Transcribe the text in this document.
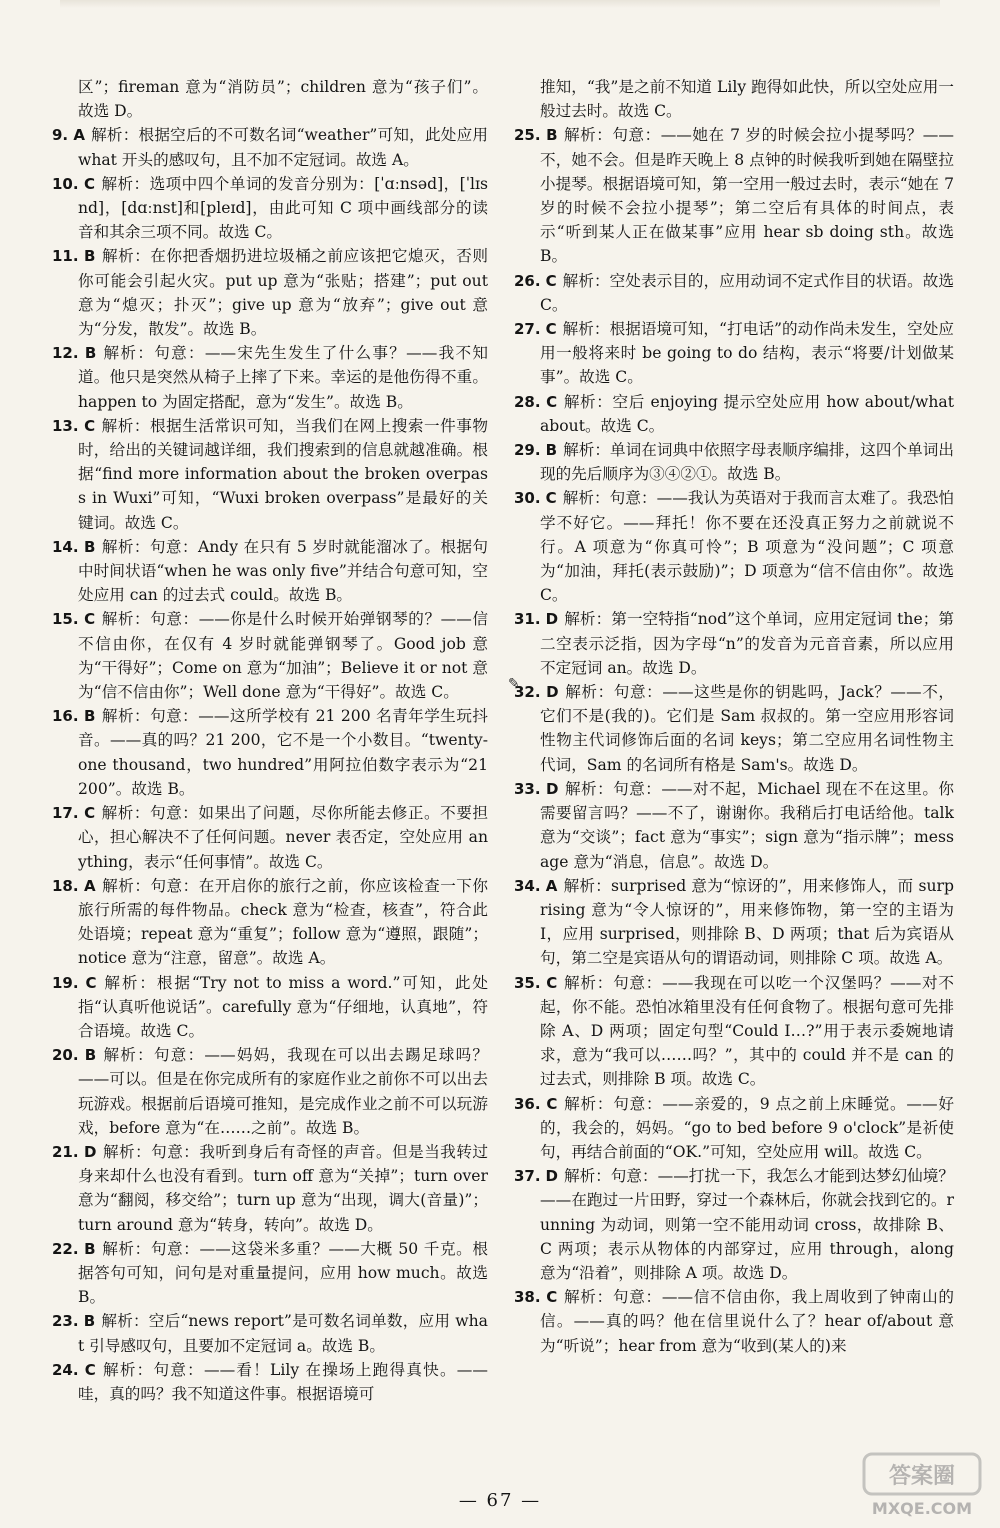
区”；fireman 意为“消防员”；children 意为“孩子们”。故选 D。

9. A 解析：根据空后的不可数名词“weather”可知，此处应用 what 开头的感叹句，且不加不定冠词。故选 A。

10. C 解析：选项中四个单词的发音分别为：[ˈɑːnsəd]，[ˈlɪsnd]，[dɑːnst]和[pleɪd]，由此可知 C 项中画线部分的读音和其余三项不同。故选 C。

11. B 解析：在你把香烟扔进垃圾桶之前应该把它熄灭，否则你可能会引起火灾。put up 意为“张贴；搭建”；put out 意为“熄灭；扑灭”；give up 意为“放弃”；give out 意为“分发，散发”。故选 B。

12. B 解析：句意：——宋先生发生了什么事？——我不知道。他只是突然从椅子上摔了下来。幸运的是他伤得不重。happen to 为固定搭配，意为“发生”。故选 B。

13. C 解析：根据生活常识可知，当我们在网上搜索一件事物时，给出的关键词越详细，我们搜索到的信息就越准确。根据“find more information about the broken overpass in Wuxi”可知，“Wuxi broken overpass”是最好的关键词。故选 C。

14. B 解析：句意：Andy 在只有 5 岁时就能溜冰了。根据句中时间状语“when he was only five”并结合句意可知，空处应用 can 的过去式 could。故选 B。

15. C 解析：句意：——你是什么时候开始弹钢琴的？——信不信由你，在仅有 4 岁时就能弹钢琴了。Good job 意为“干得好”；Come on 意为“加油”；Believe it or not 意为“信不信由你”；Well done 意为“干得好”。故选 C。

16. B 解析：句意：——这所学校有 21 200 名青年学生玩抖音。——真的吗？21 200，它不是一个小数目。“twenty-one thousand，two hundred”用阿拉伯数字表示为“21 200”。故选 B。

17. C 解析：句意：如果出了问题，尽你所能去修正。不要担心，担心解决不了任何问题。never 表否定，空处应用 anything，表示“任何事情”。故选 C。

18. A 解析：句意：在开启你的旅行之前，你应该检查一下你旅行所需的每件物品。check 意为“检查，核查”，符合此处语境；repeat 意为“重复”；follow 意为“遵照，跟随”；notice 意为“注意，留意”。故选 A。

19. C 解析：根据“Try not to miss a word.”可知，此处指“认真听他说话”。carefully 意为“仔细地，认真地”，符合语境。故选 C。

20. B 解析：句意：——妈妈，我现在可以出去踢足球吗？——可以。但是在你完成所有的家庭作业之前你不可以出去玩游戏。根据前后语境可推知，是完成作业之前不可以玩游戏，before 意为“在……之前”。故选 B。

21. D 解析：句意：我听到身后有奇怪的声音。但是当我转过身来却什么也没有看到。turn off 意为“关掉”；turn over 意为“翻阅，移交给”；turn up 意为“出现，调大(音量)”；turn around 意为“转身，转向”。故选 D。

22. B 解析：句意：——这袋米多重？——大概 50 千克。根据答句可知，问句是对重量提问，应用 how much。故选 B。

23. B 解析：空后“news report”是可数名词单数，应用 what 引导感叹句，且要加不定冠词 a。故选 B。

24. C 解析：句意：——看！Lily 在操场上跑得真快。——哇，真的吗？我不知道这件事。根据语境可

推知，“我”是之前不知道 Lily 跑得如此快，所以空处应用一般过去时。故选 C。

25. B 解析：句意：——她在 7 岁的时候会拉小提琴吗？——不，她不会。但是昨天晚上 8 点钟的时候我听到她在隔壁拉小提琴。根据语境可知，第一空用一般过去时，表示“她在 7 岁的时候不会拉小提琴”；第二空后有具体的时间点，表示“听到某人正在做某事”应用 hear sb doing sth。故选 B。

26. C 解析：空处表示目的，应用动词不定式作目的状语。故选 C。

27. C 解析：根据语境可知，“打电话”的动作尚未发生，空处应用一般将来时 be going to do 结构，表示“将要/计划做某事”。故选 C。

28. C 解析：空后 enjoying 提示空处应用 how about/what about。故选 C。

29. B 解析：单词在词典中依照字母表顺序编排，这四个单词出现的先后顺序为③④②①。故选 B。

30. C 解析：句意：——我认为英语对于我而言太难了。我恐怕学不好它。——拜托！你不要在还没真正努力之前就说不行。A 项意为“你真可怜”；B 项意为“没问题”；C 项意为“加油，拜托(表示鼓励)”；D 项意为“信不信由你”。故选 C。

31. D 解析：第一空特指“nod”这个单词，应用定冠词 the；第二空表示泛指，因为字母“n”的发音为元音音素，所以应用不定冠词 an。故选 D。

32. D 解析：句意：——这些是你的钥匙吗，Jack？——不，它们不是(我的)。它们是 Sam 叔叔的。第一空应用形容词性物主代词修饰后面的名词 keys；第二空应用名词性物主代词，Sam 的名词所有格是 Sam's。故选 D。

33. D 解析：句意：——对不起，Michael 现在不在这里。你需要留言吗？——不了，谢谢你。我稍后打电话给他。talk 意为“交谈”；fact 意为“事实”；sign 意为“指示牌”；message 意为“消息，信息”。故选 D。

34. A 解析：surprised 意为“惊讶的”，用来修饰人，而 surprising 意为“令人惊讶的”，用来修饰物，第一空的主语为 I，应用 surprised，则排除 B、D 两项；that 后为宾语从句，第二空是宾语从句的谓语动词，则排除 C 项。故选 A。

35. C 解析：句意：——我现在可以吃一个汉堡吗？——对不起，你不能。恐怕冰箱里没有任何食物了。根据句意可先排除 A、D 两项；固定句型“Could I…?”用于表示委婉地请求，意为“我可以……吗？”，其中的 could 并不是 can 的过去式，则排除 B 项。故选 C。

36. C 解析：句意：——亲爱的，9 点之前上床睡觉。——好的，我会的，妈妈。“go to bed before 9 o'clock”是祈使句，再结合前面的“OK.”可知，空处应用 will。故选 C。

37. D 解析：句意：——打扰一下，我怎么才能到达梦幻仙境？——在跑过一片田野，穿过一个森林后，你就会找到它的。running 为动词，则第一空不能用动词 cross，故排除 B、C 两项；表示从物体的内部穿过，应用 through，along 意为“沿着”，则排除 A 项。故选 D。

38. C 解析：句意：——信不信由你，我上周收到了钟南山的信。——真的吗？他在信里说什么了？hear of/about 意为“听说”；hear from 意为“收到(某人的)来

✎
— 67 —
答案圈
MXQE.COM
